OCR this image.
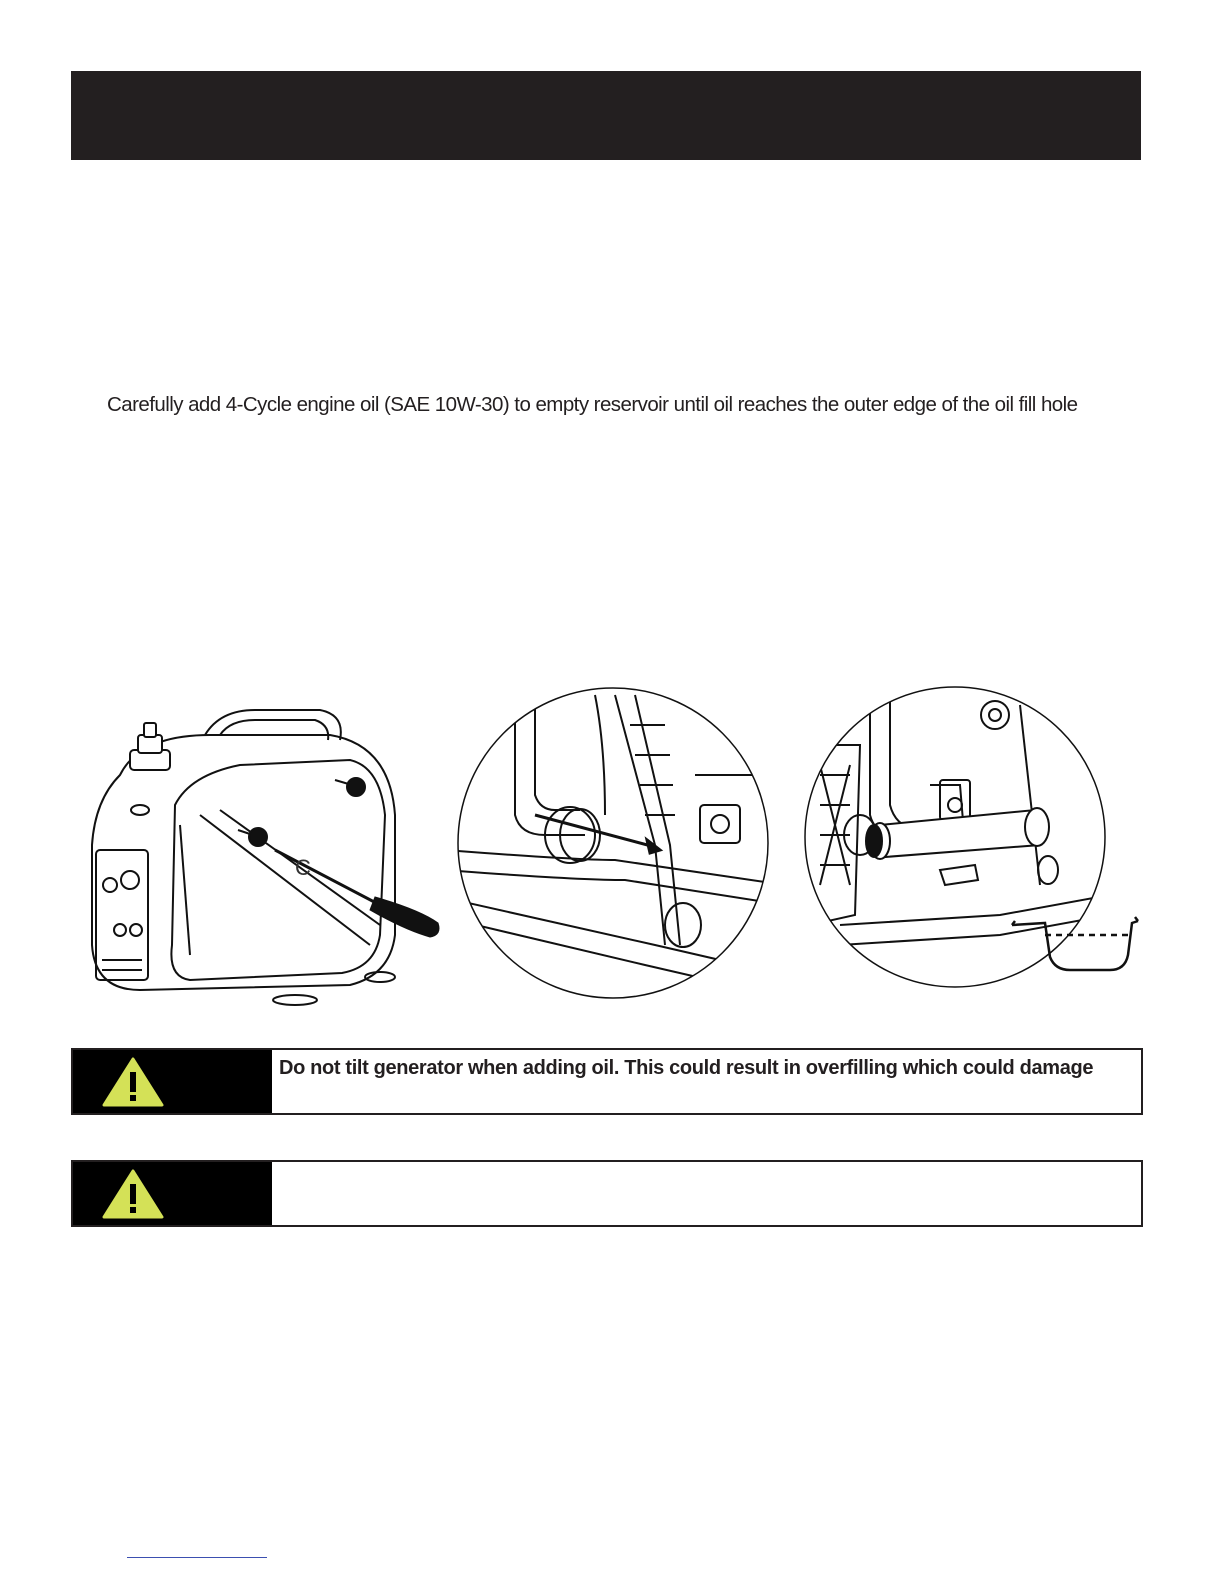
Carefully add 4-Cycle engine oil (SAE 10W-30) to empty reservoir until oil reaches the outer edge of the oil fill hole
C
Do not tilt generator when adding oil. This could result in overfilling which could damage
